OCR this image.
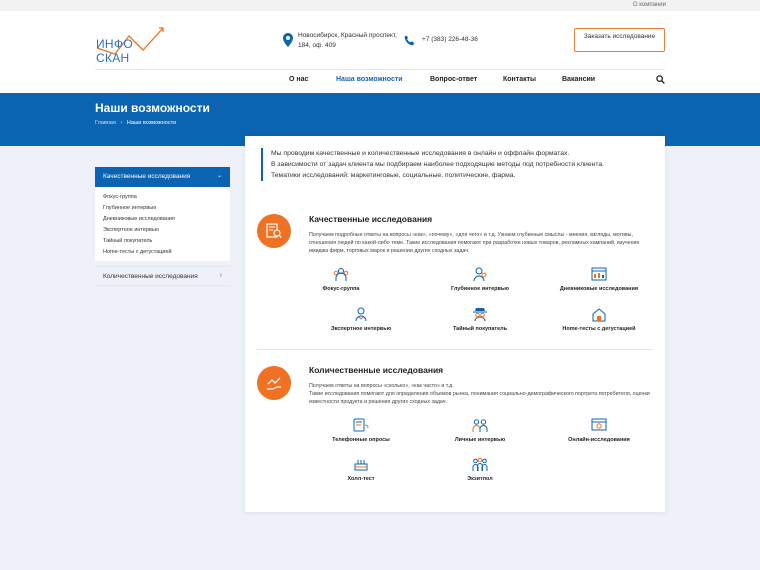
О компании
ИНФО СКАН
Новосибирск, Красный проспект, 184, оф. 409
+7 (383) 226-48-36	Заказать исследование
О нас	Наша возможности	Вопрос-ответ	Контакты	Вакансии
Наши возможности
Главная › Наши возможности
Качественные исследования	⌄
Фокус-группа
Глубинное интервью
Дневниковые исследования
Экспертное интервью
Тайный покупатель
Home-тесты с дегустацией
Количественные исследования	›
Мы проводим качественные и количественные исследования в онлайн и оффлайн форматах.
В зависимости от задач клиента мы подбираем наиболее подходящие методы под потребности клиента.
Тематики исследований: маркетинговые, социальные, политические, фарма.
Качественные исследования
Получаем подробные ответы на вопросы «как», «почему», «для чего» и т.д. Узнаем глубинные смыслы - мнения, взгляды, мотивы, отношения людей по какой-либо теме. Такие исследования помогают при разработке новых товаров, рекламных кампаний, изучение имиджа фирм, торговых марок и решении других сходных задач.
Фокус-группа	Глубинное интервью	Дневниковые исследования
Экспертное интервью	Тайный покупатель	Home-тесты с дегустацией
Количественные исследования
Получаем ответы на вопросы «сколько», «как часто» и т.д.
Такие исследования помогают для определения объемов рынка, понимания социально-демографического портрета потребителя, оценки известности продукта и решения других сходных задач.
Телефонные опросы	Личные интервью	Онлайн-исследования
Холл-тест	Экзитпол
